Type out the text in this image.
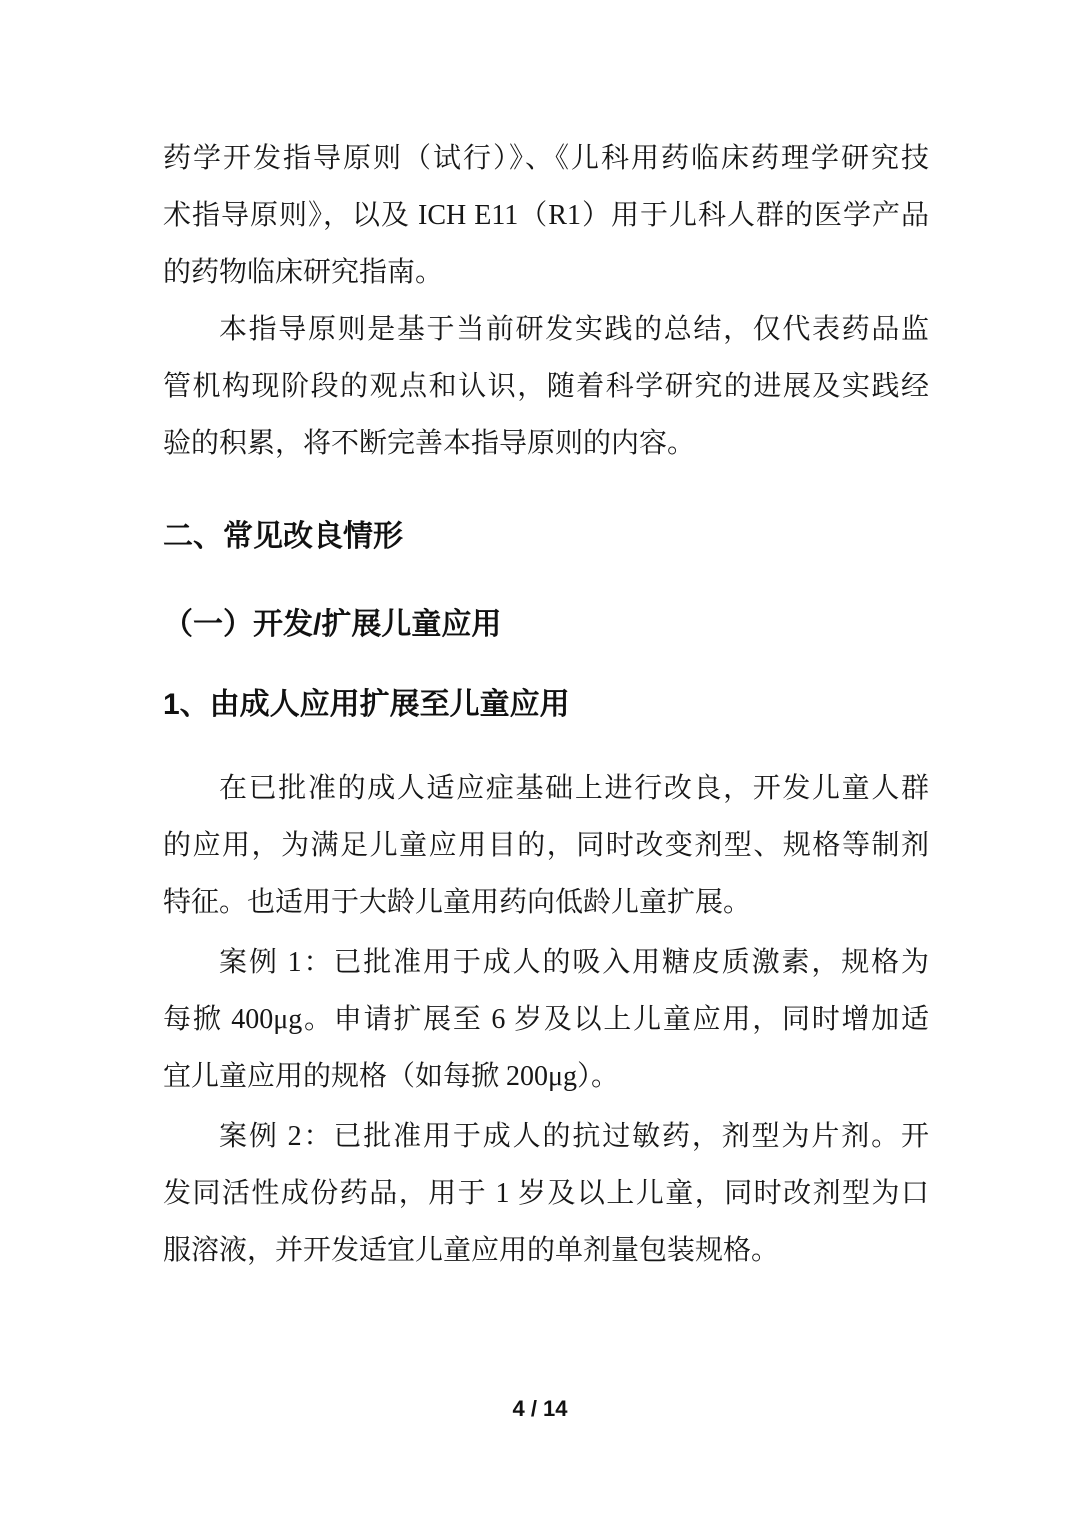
药学开发指导原则（试行）》、《儿科用药临床药理学研究技
术指导原则》，以及 ICH E11（R1）用于儿科人群的医学产品
的药物临床研究指南。
本指导原则是基于当前研发实践的总结，仅代表药品监
管机构现阶段的观点和认识，随着科学研究的进展及实践经
验的积累，将不断完善本指导原则的内容。
二、常见改良情形
（一）开发/扩展儿童应用
1、由成人应用扩展至儿童应用
在已批准的成人适应症基础上进行改良，开发儿童人群
的应用，为满足儿童应用目的，同时改变剂型、规格等制剂
特征。也适用于大龄儿童用药向低龄儿童扩展。
案例 1：已批准用于成人的吸入用糖皮质激素，规格为
每掀 400μg。申请扩展至 6 岁及以上儿童应用，同时增加适
宜儿童应用的规格（如每掀 200μg）。
案例 2：已批准用于成人的抗过敏药，剂型为片剂。开
发同活性成份药品，用于 1 岁及以上儿童，同时改剂型为口
服溶液，并开发适宜儿童应用的单剂量包装规格。
4 / 14
